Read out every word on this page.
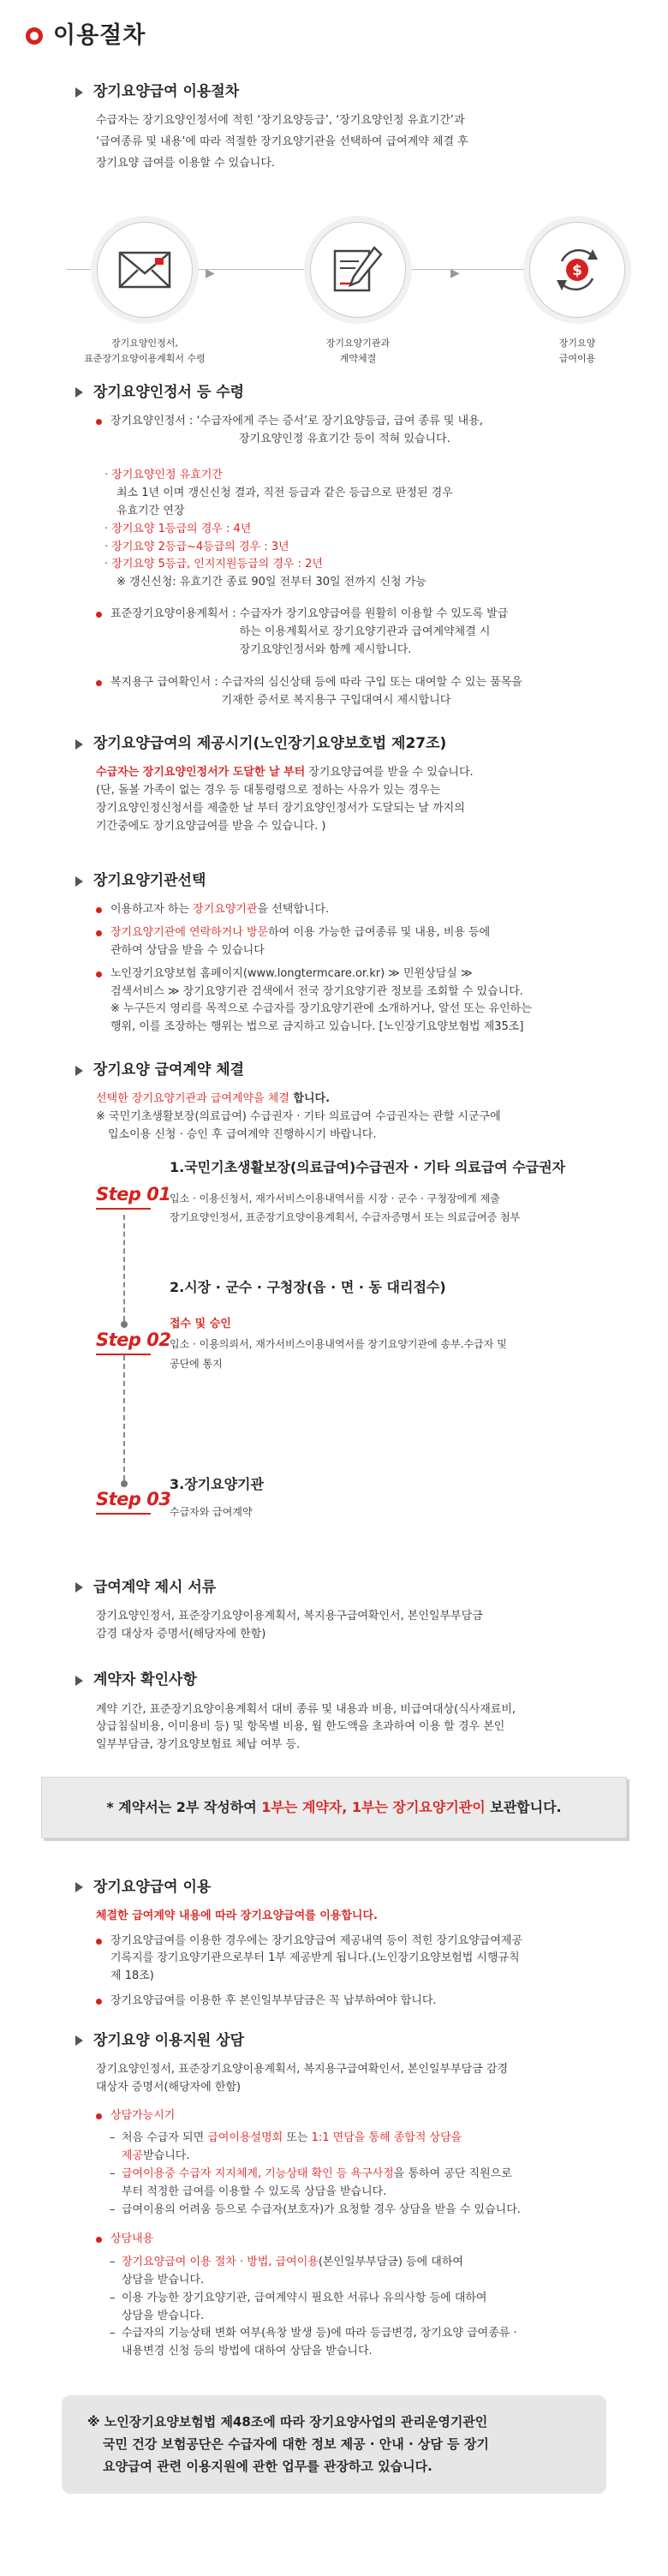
이용절차
장기요양급여 이용절차
수급자는 장기요양인정서에 적힌 ‘장기요양등급’, ‘장기요양인정 유효기간’과
‘급여종류 및 내용’에 따라 적절한 장기요양기관을 선택하여 급여계약 체결 후
장기요양 급여를 이용할 수 있습니다.
▶	▶	$
장기요양인정서,
표준장기요양이용계획서 수령
장기요양기관과
계약체결
장기요양
급여이용
장기요양인정서 등 수령
장기요양인정서 : ‘수급자에게 주는 증서’로 장기요양등급, 급여 종류 및 내용,
장기요양인정 유효기간 등이 적혀 있습니다.
· 장기요양인정 유효기간
최소 1년 이며 갱신신청 결과, 직전 등급과 같은 등급으로 판정된 경우
유효기간 연장
· 장기요양 1등급의 경우 : 4년
· 장기요양 2등급~4등급의 경우 : 3년
· 장기요양 5등급, 인지지원등급의 경우 : 2년
※ 갱신신청: 유효기간 종료 90일 전부터 30일 전까지 신청 가능
표준장기요양이용계획서 : 수급자가 장기요양급여를 원활히 이용할 수 있도록 발급
하는 이용계획서로 장기요양기관과 급여계약체결 시
장기요양인정서와 함께 제시합니다.
복지용구 급여확인서 : 수급자의 심신상태 등에 따라 구입 또는 대여할 수 있는 품목을
기재한 증서로 복지용구 구입대여시 제시합니다
장기요양급여의 제공시기(노인장기요양보호법 제27조)
수급자는 장기요양인정서가 도달한 날 부터 장기요양급여를 받을 수 있습니다.
(단, 돌볼 가족이 없는 경우 등 대통령령으로 정하는 사유가 있는 경우는
장기요양인정신청서를 제출한 날 부터 장기요양인정서가 도달되는 날 까지의
기간중에도 장기요양급여를 받을 수 있습니다. )
장기요양기관선택
이용하고자 하는 장기요양기관을 선택합니다.
장기요양기관에 연락하거나 방문하여 이용 가능한 급여종류 및 내용, 비용 등에
관하여 상담을 받을 수 있습니다
노인장기요양보험 홈페이지(www.longtermcare.or.kr) ≫ 민원상담실 ≫
검색서비스 ≫ 장기요양기관 검색에서 전국 장기요양기관 정보를 조회할 수 있습니다.
※ 누구든지 영리를 목적으로 수급자를 장기요양기관에 소개하거나, 알선 또는 유인하는
행위, 이를 조장하는 행위는 법으로 금지하고 있습니다. [노인장기요양보험법 제35조]
장기요양 급여계약 체결
선택한 장기요양기관과 급여계약을 체결 합니다.
※ 국민기초생활보장(의료급여) 수급권자 · 기타 의료급여 수급권자는 관할 시군구에
입소이용 신청 · 승인 후 급여계약 진행하시기 바랍니다.
Step 01
1.국민기초생활보장(의료급여)수급권자 · 기타 의료급여 수급권자
입소 · 이용신청서, 재가서비스이용내역서를 시장 · 군수 · 구청장에게 제출
장기요양인정서, 표준장기요양이용계획서, 수급자증명서 또는 의료급여증 첨부
Step 02
2.시장 · 군수 · 구청장(읍 · 면 · 동 대리접수)
접수 및 승인
입소 · 이용의뢰서, 재가서비스이용내역서를 장기요양기관에 송부.수급자 및
공단에 통지
Step 03
3.장기요양기관
수급자와 급여계약
급여계약 제시 서류
장기요양인정서, 표준장기요양이용계획서, 복지용구급여확인서, 본인일부부담금
감경 대상자 증명서(해당자에 한함)
계약자 확인사항
계약 기간, 표준장기요양이용계획서 대비 종류 및 내용과 비용, 비급여대상(식사재료비,
상급침실비용, 이미용비 등) 및 항목별 비용, 월 한도액을 초과하여 이용 할 경우 본인
일부부담금, 장기요양보험료 체납 여부 등.
* 계약서는 2부 작성하여 1부는 계약자, 1부는 장기요양기관이 보관합니다.
장기요양급여 이용
체결한 급여계약 내용에 따라 장기요양급여를 이용합니다.
장기요양급여를 이용한 경우에는 장기요양급여 제공내역 등이 적힌 장기요양급여제공
기록지를 장기요양기관으로부터 1부 제공받게 됩니다.(노인장기요양보험법 시행규칙
제 18조)
장기요양급여를 이용한 후 본인일부부담금은 꼭 납부하여야 합니다.
장기요양 이용지원 상담
장기요양인정서, 표준장기요양이용계획서, 복지용구급여확인서, 본인일부부담금 감경
대상자 증명서(해당자에 한함)
상담가능시기
– 처음 수급자 되면 급여이용설명회 또는 1:1 면담을 통해 종합적 상담을
제공받습니다.
– 급여이용중 수급자 지지체계, 기능상태 확인 등 욕구사정을 통하여 공단 직원으로
부터 적정한 급여를 이용할 수 있도록 상담을 받습니다.
– 급여이용의 어려움 등으로 수급자(보호자)가 요청할 경우 상담을 받을 수 있습니다.
상담내용
– 장기요양급여 이용 절차 · 방법, 급여이용(본인일부부담금) 등에 대하여
상담을 받습니다.
– 이용 가능한 장기요양기관, 급여계약시 필요한 서류나 유의사항 등에 대하여
상담을 받습니다.
– 수급자의 기능상태 변화 여부(욕창 발생 등)에 따라 등급변경, 장기요양 급여종류 ·
내용변경 신청 등의 방법에 대하여 상담을 받습니다.
※ 노인장기요양보험법 제48조에 따라 장기요양사업의 관리운영기관인
국민 건강 보험공단은 수급자에 대한 정보 제공 · 안내 · 상담 등 장기
요양급여 관련 이용지원에 관한 업무를 관장하고 있습니다.
